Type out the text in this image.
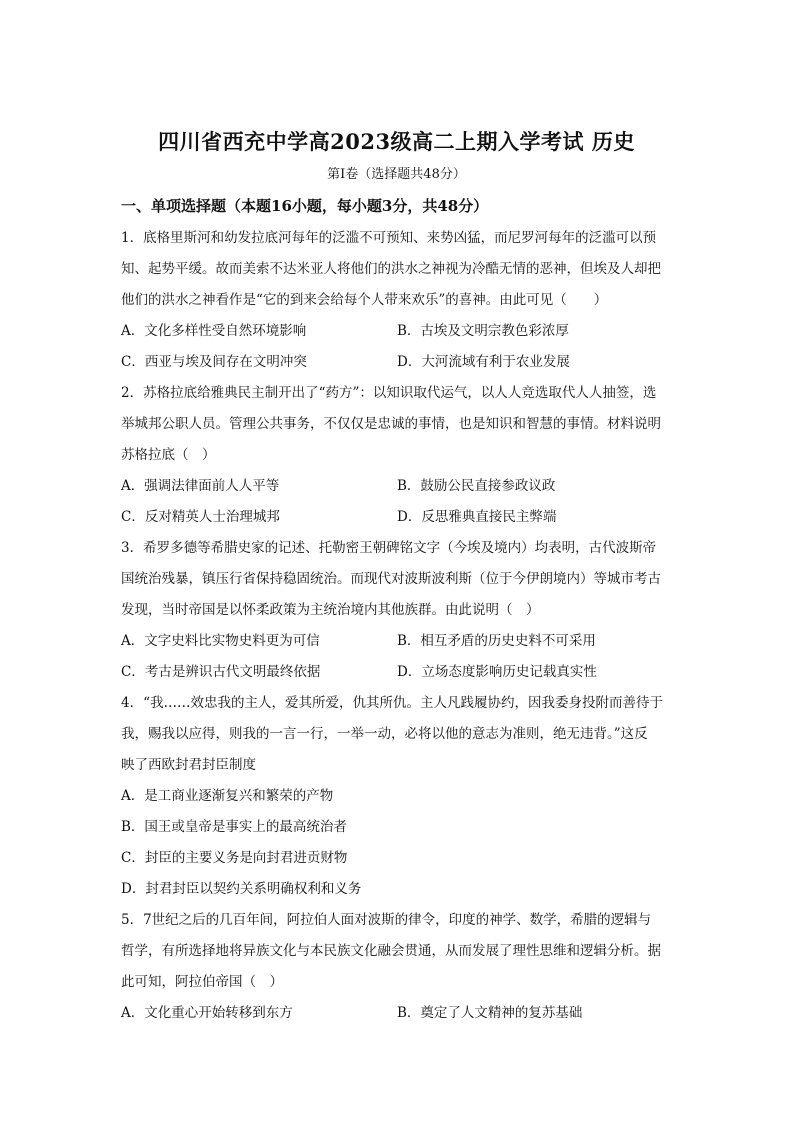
四川省西充中学高2023级高二上期入学考试 历史
第I卷（选择题共48分）
一、单项选择题（本题16小题，每小题3分，共48分）
1．底格里斯河和幼发拉底河每年的泛滥不可预知、来势凶猛，而尼罗河每年的泛滥可以预
知、起势平缓。故而美索不达米亚人将他们的洪水之神视为冷酷无情的恶神，但埃及人却把
他们的洪水之神看作是“它的到来会给每个人带来欢乐”的喜神。由此可见（　　）
A．文化多样性受自然环境影响	B．古埃及文明宗教色彩浓厚
C．西亚与埃及间存在文明冲突	D．大河流域有利于农业发展
2．苏格拉底给雅典民主制开出了“药方”：以知识取代运气，以人人竞选取代人人抽签，选
举城邦公职人员。管理公共事务，不仅仅是忠诚的事情，也是知识和智慧的事情。材料说明
苏格拉底（　）
A．强调法律面前人人平等	B．鼓励公民直接参政议政
C．反对精英人士治理城邦	D．反思雅典直接民主弊端
3．希罗多德等希腊史家的记述、托勒密王朝碑铭文字（今埃及境内）均表明，古代波斯帝
国统治残暴，镇压行省保持稳固统治。而现代对波斯波利斯（位于今伊朗境内）等城市考古
发现，当时帝国是以怀柔政策为主统治境内其他族群。由此说明（　）
A．文字史料比实物史料更为可信	B．相互矛盾的历史史料不可采用
C．考古是辨识古代文明最终依据	D．立场态度影响历史记载真实性
4．“我……效忠我的主人，爱其所爱，仇其所仇。主人凡践履协约，因我委身投附而善待于
我，赐我以应得，则我的一言一行，一举一动，必将以他的意志为准则，绝无违背。”这反
映了西欧封君封臣制度
A．是工商业逐渐复兴和繁荣的产物
B．国王或皇帝是事实上的最高统治者
C．封臣的主要义务是向封君进贡财物
D．封君封臣以契约关系明确权利和义务
5．7世纪之后的几百年间，阿拉伯人面对波斯的律令，印度的神学、数学，希腊的逻辑与
哲学，有所选择地将异族文化与本民族文化融会贯通，从而发展了理性思维和逻辑分析。据
此可知，阿拉伯帝国（　）
A．文化重心开始转移到东方	B．奠定了人文精神的复苏基础
